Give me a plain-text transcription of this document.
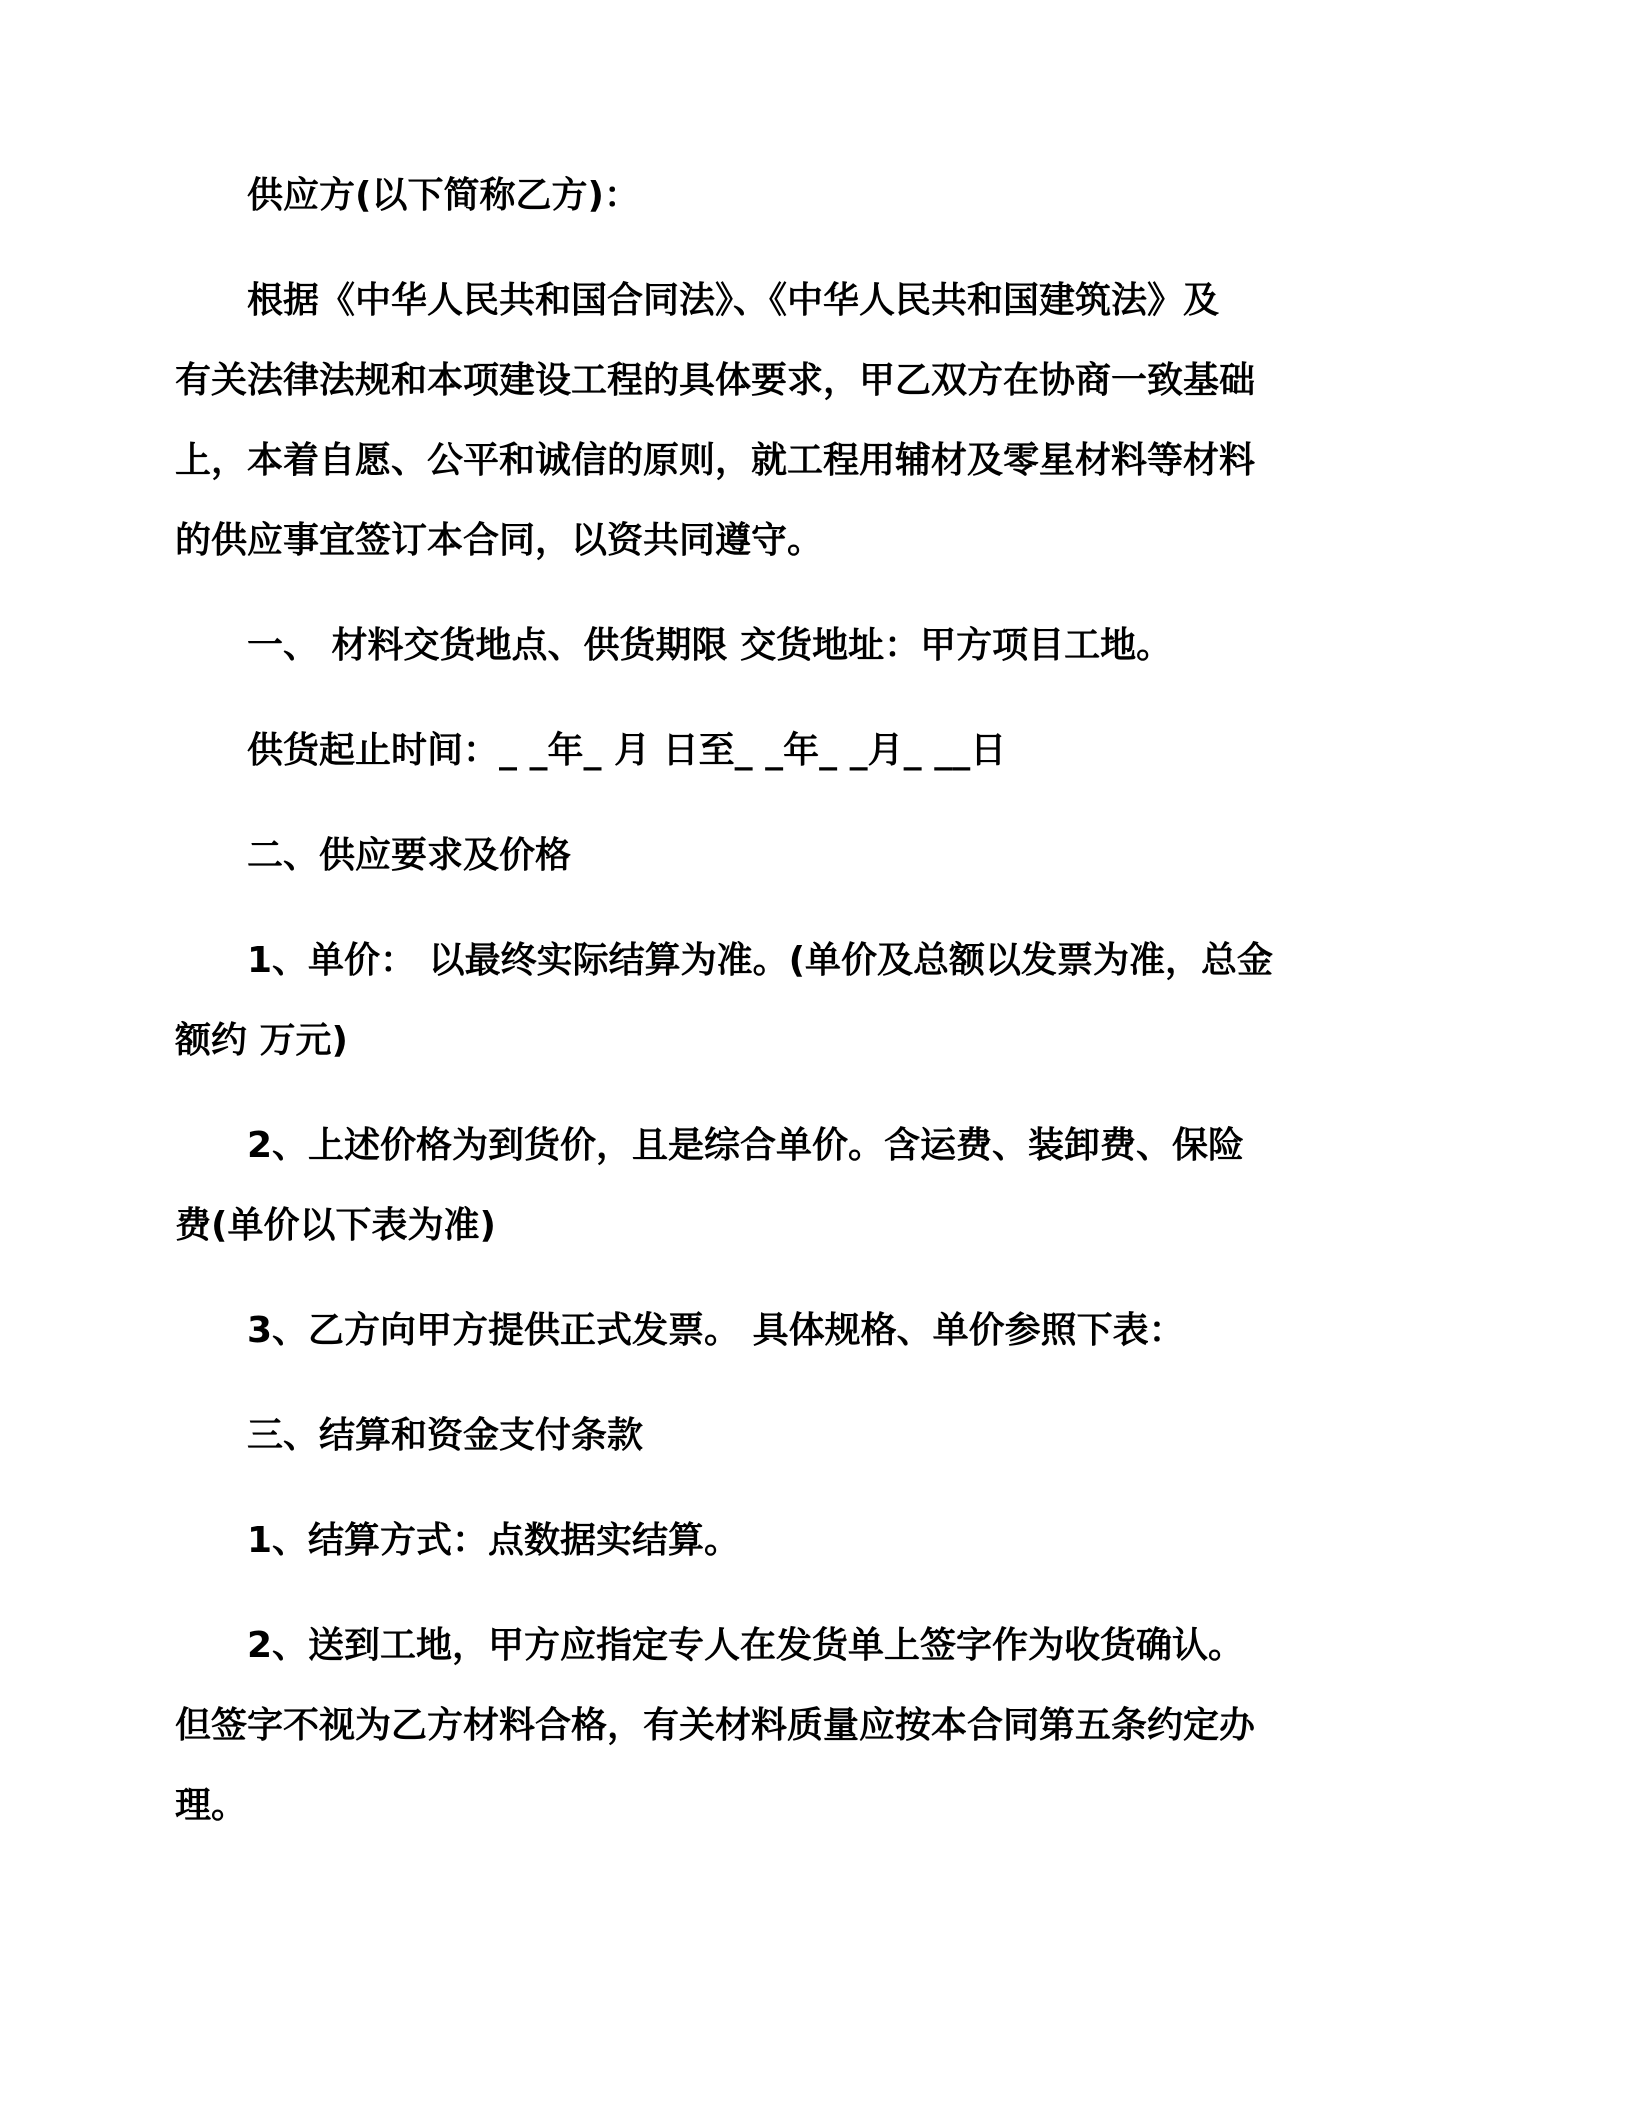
供应方(以下简称乙方)：

根据《中华人民共和国合同法》、《中华人民共和国建筑法》及
有关法律法规和本项建设工程的具体要求，甲乙双方在协商一致基础
上，本着自愿、公平和诚信的原则，就工程用辅材及零星材料等材料
的供应事宜签订本合同，以资共同遵守。

一、 材料交货地点、供货期限 交货地址：甲方项目工地。

供货起止时间：_ _年_ 月 日至_ _年_ _月_ __日

二、供应要求及价格

1、单价： 以最终实际结算为准。(单价及总额以发票为准，总金
额约 万元)

2、上述价格为到货价，且是综合单价。含运费、装卸费、保险
费(单价以下表为准)

3、乙方向甲方提供正式发票。 具体规格、单价参照下表：

三、结算和资金支付条款

1、结算方式：点数据实结算。

2、送到工地，甲方应指定专人在发货单上签字作为收货确认。
但签字不视为乙方材料合格，有关材料质量应按本合同第五条约定办
理。
